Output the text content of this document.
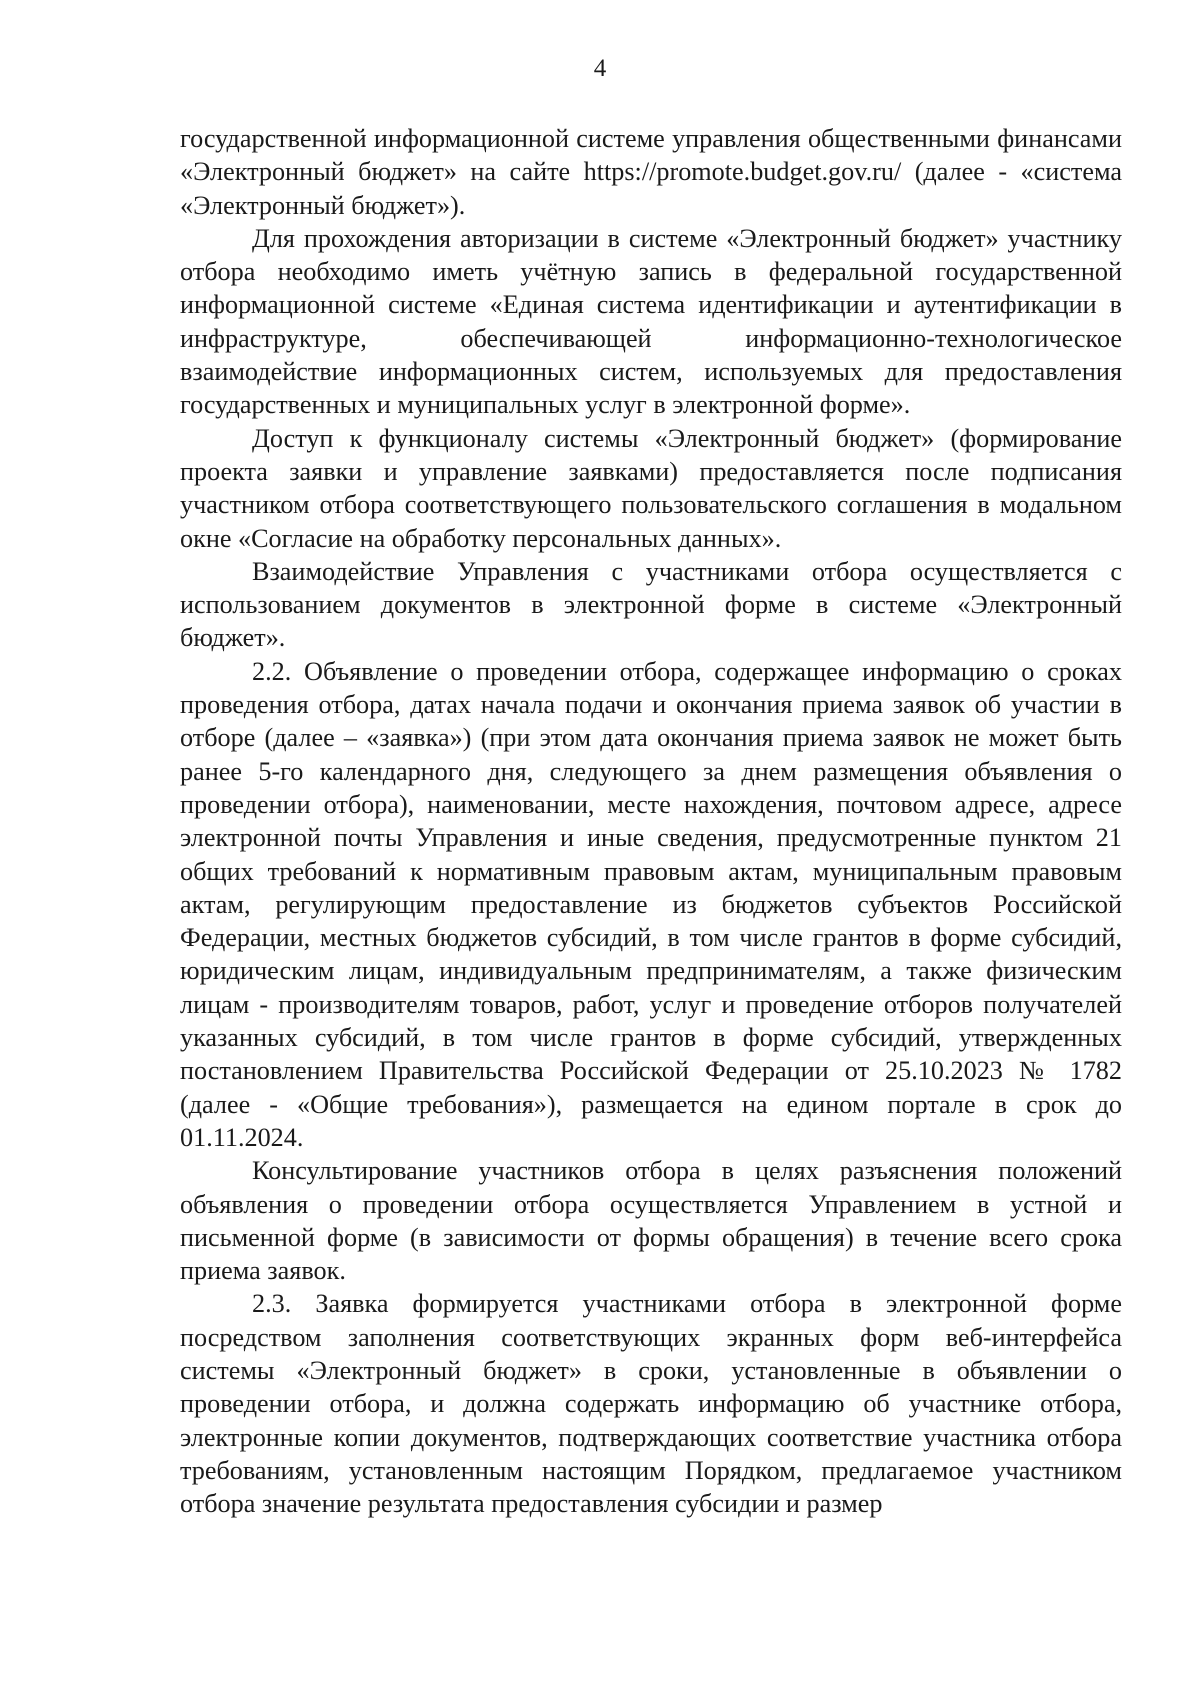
4

государственной информационной системе управления общественными финансами «Электронный бюджет» на сайте https://promote.budget.gov.ru/ (далее - «система «Электронный бюджет»).

Для прохождения авторизации в системе «Электронный бюджет» участнику отбора необходимо иметь учётную запись в федеральной государственной информационной системе «Единая система идентификации и аутентификации в инфраструктуре, обеспечивающей информационно-технологическое взаимодействие информационных систем, используемых для предоставления государственных и муниципальных услуг в электронной форме».

Доступ к функционалу системы «Электронный бюджет» (формирование проекта заявки и управление заявками) предоставляется после подписания участником отбора соответствующего пользовательского соглашения в модальном окне «Согласие на обработку персональных данных».

Взаимодействие Управления с участниками отбора осуществляется с использованием документов в электронной форме в системе «Электронный бюджет».

2.2. Объявление о проведении отбора, содержащее информацию о сроках проведения отбора, датах начала подачи и окончания приема заявок об участии в отборе (далее – «заявка») (при этом дата окончания приема заявок не может быть ранее 5-го календарного дня, следующего за днем размещения объявления о проведении отбора), наименовании, месте нахождения, почтовом адресе, адресе электронной почты Управления и иные сведения, предусмотренные пунктом 21 общих требований к нормативным правовым актам, муниципальным правовым актам, регулирующим предоставление из бюджетов субъектов Российской Федерации, местных бюджетов субсидий, в том числе грантов в форме субсидий, юридическим лицам, индивидуальным предпринимателям, а также физическим лицам - производителям товаров, работ, услуг и проведение отборов получателей указанных субсидий, в том числе грантов в форме субсидий, утвержденных постановлением Правительства Российской Федерации от 25.10.2023 № 1782 (далее - «Общие требования»), размещается на едином портале в срок до 01.11.2024.

Консультирование участников отбора в целях разъяснения положений объявления о проведении отбора осуществляется Управлением в устной и письменной форме (в зависимости от формы обращения) в течение всего срока приема заявок.

2.3. Заявка формируется участниками отбора в электронной форме посредством заполнения соответствующих экранных форм веб-интерфейса системы «Электронный бюджет» в сроки, установленные в объявлении о проведении отбора, и должна содержать информацию об участнике отбора, электронные копии документов, подтверждающих соответствие участника отбора требованиям, установленным настоящим Порядком, предлагаемое участником отбора значение результата предоставления субсидии и размер
